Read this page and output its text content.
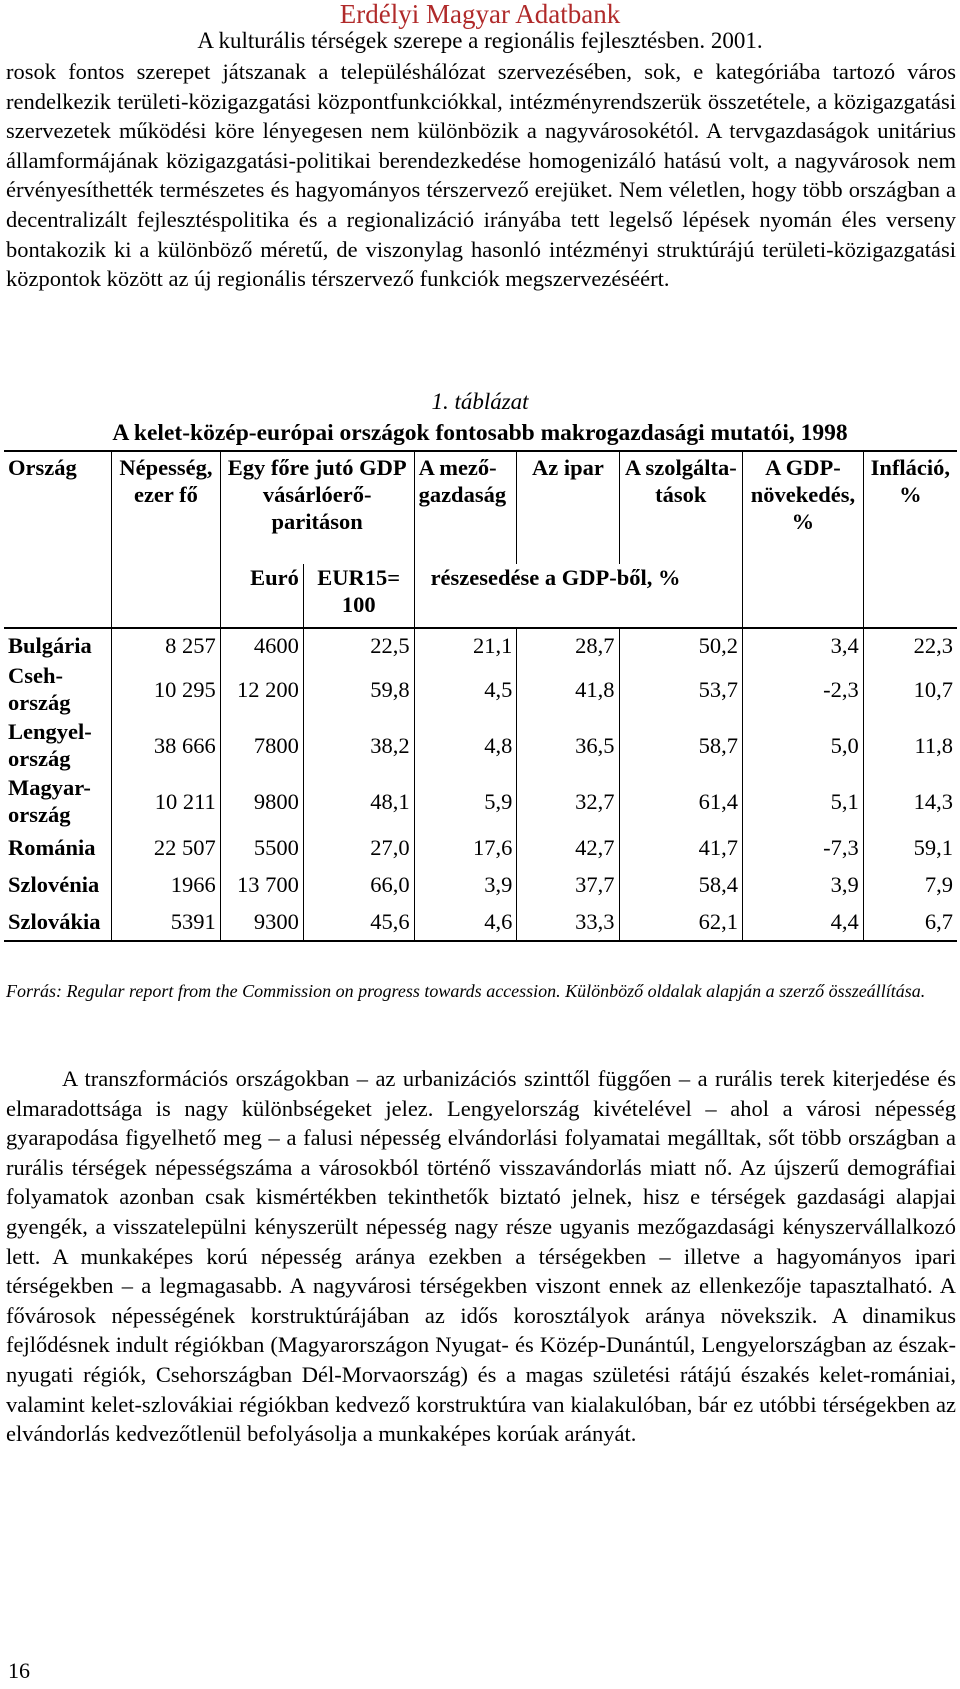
Erdélyi Magyar Adatbank
A kulturális térségek szerepe a regionális fejlesztésben. 2001.

rosok fontos szerepet játszanak a településhálózat szervezésében, sok, e kategóriába tartozó város rendelkezik területi-közigazgatási központfunkciókkal, intézményrendszerük összetétele, a közigazgatási szervezetek működési köre lényegesen nem különbözik a nagyvárosokétól. A tervgazdaságok unitárius államformájának közigazgatási-politikai berendezkedése homogenizáló hatású volt, a nagyvárosok nem érvényesíthették természetes és hagyományos térszervező erejüket. Nem véletlen, hogy több országban a decentralizált fejlesztéspolitika és a regionalizáció irányába tett legelső lépések nyomán éles verseny bontakozik ki a különböző méretű, de viszonylag hasonló intézményi struktúrájú területi-közigazgatási központok között az új regionális térszervező funkciók megszervezéséért.

1. táblázat
A kelet-közép-európai országok fontosabb makrogazdasági mutatói, 1998
Ország	Népesség, ezer fő	Egy főre jutó GDP vásárlóerő-paritáson		A mező-gazdaság	Az ipar	A szolgálta-tások	A GDP-növekedés, %	Infláció, %
		Euró	EUR15= 100	részesedése a GDP-ből, %				
Bulgária	8 257	4600	22,5	21,1	28,7	50,2	3,4	22,3
Cseh-ország	10 295	12 200	59,8	4,5	41,8	53,7	-2,3	10,7
Lengyel-ország	38 666	7800	38,2	4,8	36,5	58,7	5,0	11,8
Magyar-ország	10 211	9800	48,1	5,9	32,7	61,4	5,1	14,3
Románia	22 507	5500	27,0	17,6	42,7	41,7	-7,3	59,1
Szlovénia	1966	13 700	66,0	3,9	37,7	58,4	3,9	7,9
Szlovákia	5391	9300	45,6	4,6	33,3	62,1	4,4	6,7
Forrás: Regular report from the Commission on progress towards accession. Különböző oldalak alapján a szerző összeállítása.

A transzformációs országokban – az urbanizációs szinttől függően – a rurális terek kiterjedése és elmaradottsága is nagy különbségeket jelez. Lengyelország kivételével – ahol a városi népesség gyarapodása figyelhető meg – a falusi népesség elvándorlási folyamatai megálltak, sőt több országban a rurális térségek népességszáma a városokból történő visszavándorlás miatt nő. Az újszerű demográfiai folyamatok azonban csak kismértékben tekinthetők biztató jelnek, hisz e térségek gazdasági alapjai gyengék, a visszatelepülni kényszerült népesség nagy része ugyanis mezőgazdasági kényszervállalkozó lett. A munkaképes korú népesség aránya ezekben a térségekben – illetve a hagyományos ipari térségekben – a legmagasabb. A nagyvárosi térségekben viszont ennek az ellenkezője tapasztalható. A fővárosok népességének korstruktúrájában az idős korosztályok aránya növekszik. A dinamikus fejlődésnek indult régiókban (Magyarországon Nyugat- és Közép-Dunántúl, Lengyelországban az észak-nyugati régiók, Csehországban Dél-Morvaország) és a magas születési rátájú északés kelet-romániai, valamint kelet-szlovákiai régiókban kedvező korstruktúra van kialakulóban, bár ez utóbbi térségekben az elvándorlás kedvezőtlenül befolyásolja a munkaképes korúak arányát.

16
